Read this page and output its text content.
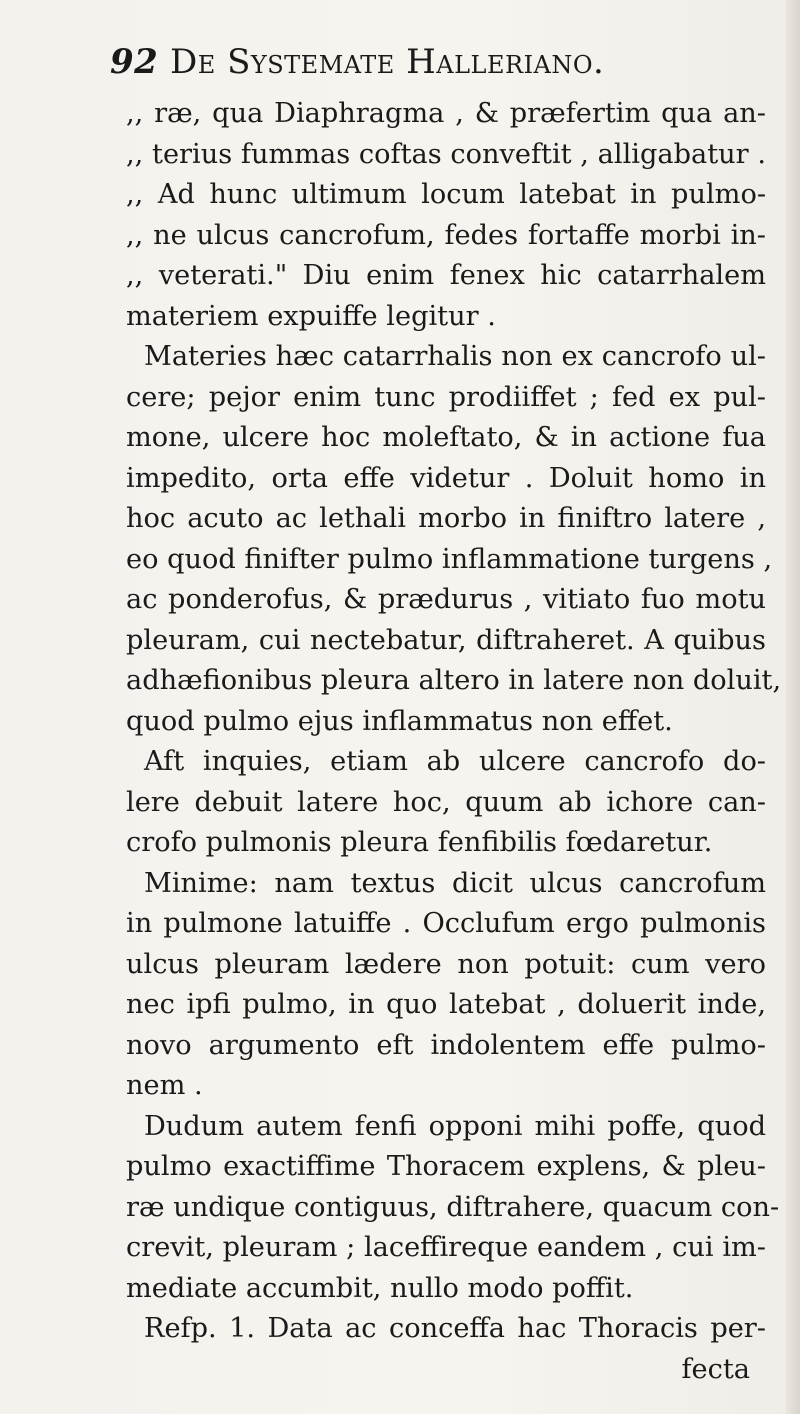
92 De Systemate Halleriano.
,, ræ, qua Diaphragma , & præfertim qua an-
,, terius fummas coftas conveftit , alligabatur .
,, Ad hunc ultimum locum latebat in pulmo-
,, ne ulcus cancrofum, fedes fortaffe morbi in-
,, veterati." Diu enim fenex hic catarrhalem
materiem expuiffe legitur .
Materies hæc catarrhalis non ex cancrofo ul-
cere; pejor enim tunc prodiiffet ; fed ex pul-
mone, ulcere hoc moleftato, & in actione fua
impedito, orta effe videtur . Doluit homo in
hoc acuto ac lethali morbo in finiftro latere ,
eo quod finifter pulmo inflammatione turgens ,
ac ponderofus, & prædurus , vitiato fuo motu
pleuram, cui nectebatur, diftraheret. A quibus
adhæfionibus pleura altero in latere non doluit,
quod pulmo ejus inflammatus non effet.
Aft inquies, etiam ab ulcere cancrofo do-
lere debuit latere hoc, quum ab ichore can-
crofo pulmonis pleura fenfibilis fœdaretur.
Minime: nam textus dicit ulcus cancrofum
in pulmone latuiffe . Occlufum ergo pulmonis
ulcus pleuram lædere non potuit: cum vero
nec ipfi pulmo, in quo latebat , doluerit inde,
novo argumento eft indolentem effe pulmo-
nem .
Dudum autem fenfi opponi mihi poffe, quod
pulmo exactiffime Thoracem explens, & pleu-
ræ undique contiguus, diftrahere, quacum con-
crevit, pleuram ; laceffireque eandem , cui im-
mediate accumbit, nullo modo poffit.
Refp. 1. Data ac conceffa hac Thoracis per-
fecta
